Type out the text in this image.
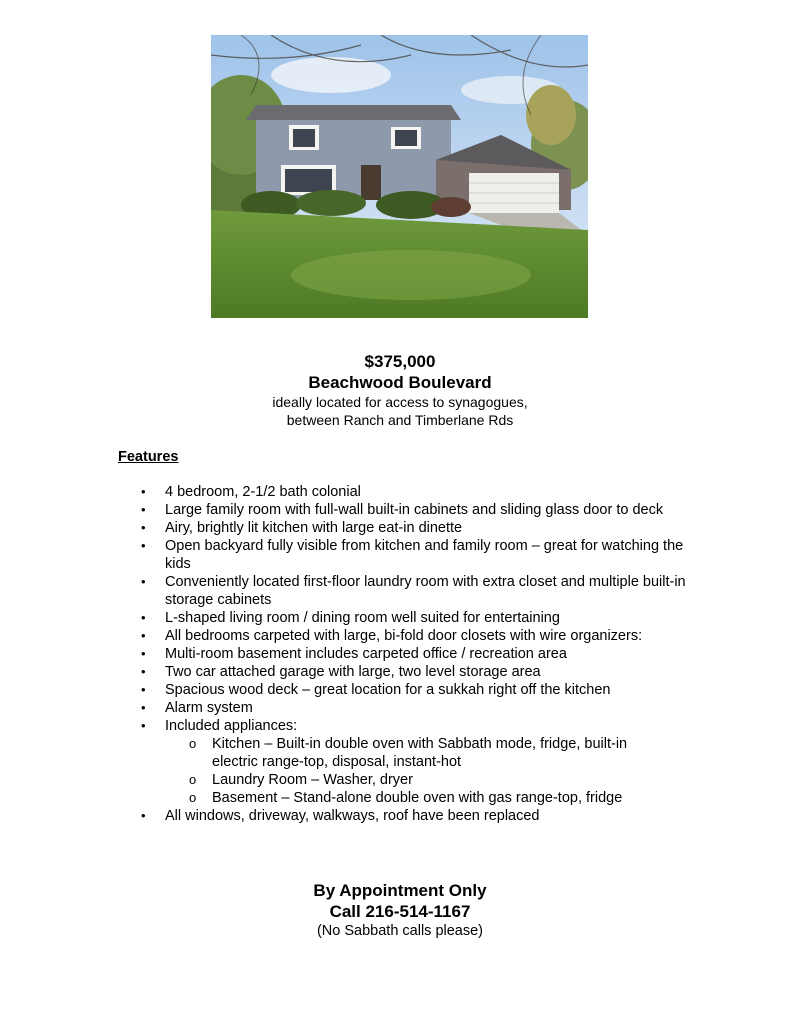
$375,000
Beachwood Boulevard
ideally located for access to synagogues,
between Ranch and Timberlane Rds
Features
• 4 bedroom, 2-1/2 bath colonial
• Large family room with full-wall built-in cabinets and sliding glass door to deck
• Airy, brightly lit kitchen with large eat-in dinette
• Open backyard fully visible from kitchen and family room – great for watching the kids
• Conveniently located first-floor laundry room with extra closet and multiple built-in storage cabinets
• L-shaped living room / dining room well suited for entertaining
• All bedrooms carpeted with large, bi-fold door closets with wire organizers:
• Multi-room basement includes carpeted office / recreation area
• Two car attached garage with large, two level storage area
• Spacious wood deck – great location for a sukkah right off the kitchen
• Alarm system
• Included appliances:
o Kitchen – Built-in double oven with Sabbath mode, fridge, built-in electric range-top, disposal, instant-hot
o Laundry Room – Washer, dryer
o Basement – Stand-alone double oven with gas range-top, fridge
• All windows, driveway, walkways, roof have been replaced
By Appointment Only
Call 216-514-1167
(No Sabbath calls please)
